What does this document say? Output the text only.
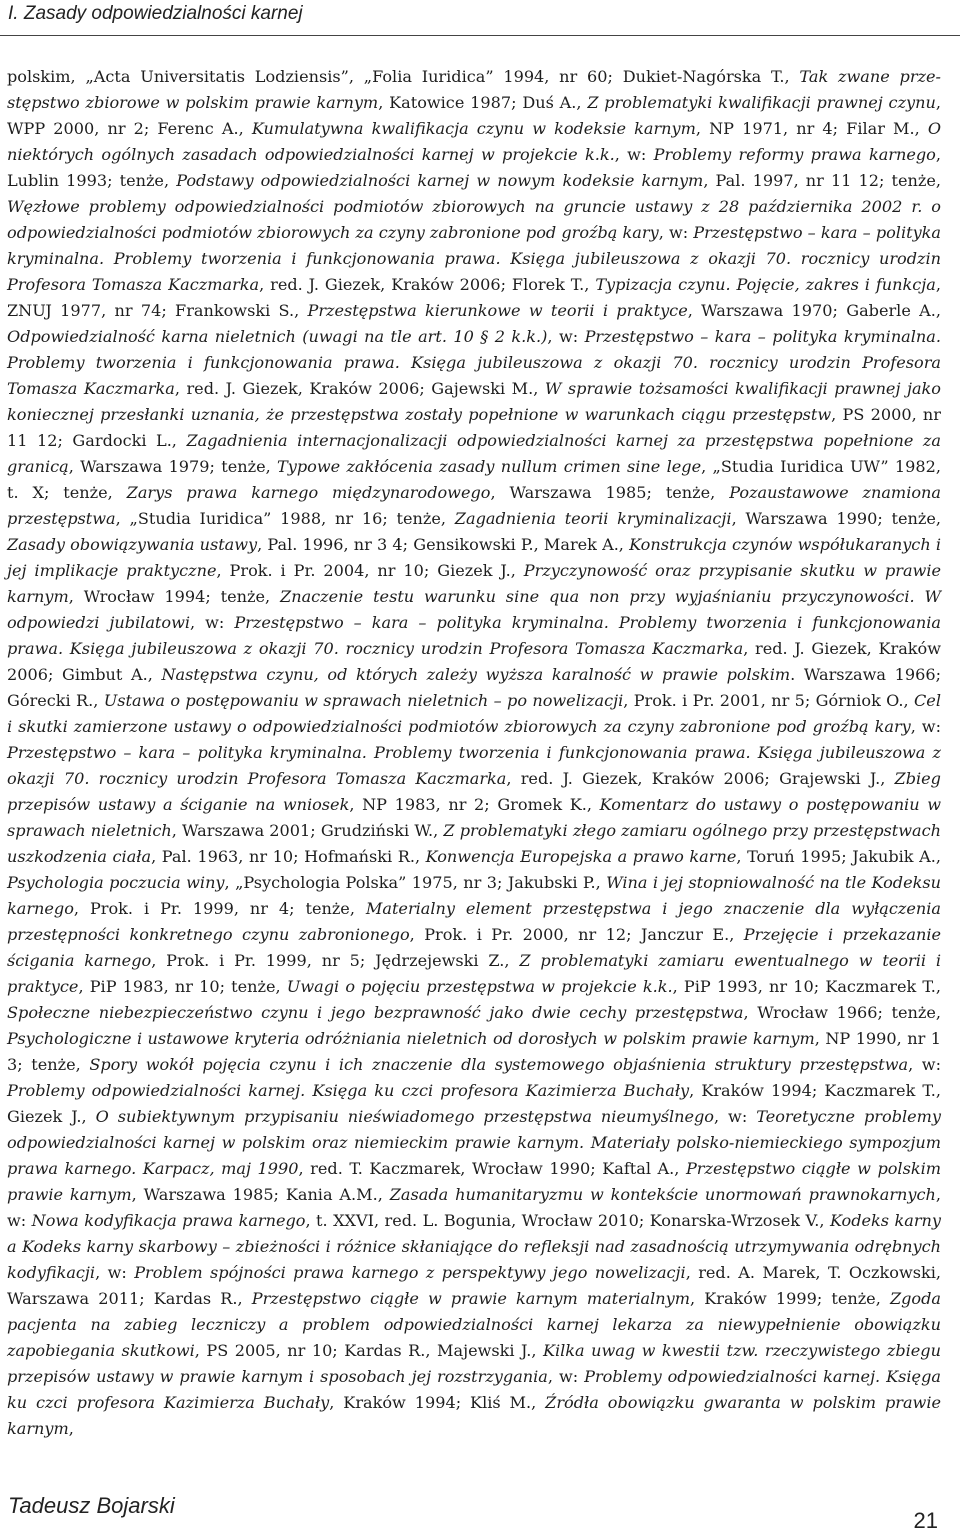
I. Zasady odpowiedzialności karnej

polskim, „Acta Universitatis Lodziensis”, „Folia Iuridica” 1994, nr 60; Dukiet-Nagórska T., Tak zwane przestępstwo zbiorowe w polskim prawie karnym, Katowice 1987; Duś A., Z problematyki kwalifikacji prawnej czynu, WPP 2000, nr 2; Ferenc A., Kumulatywna kwalifikacja czynu w kodeksie karnym, NP 1971, nr 4; Filar M., O niektórych ogólnych zasadach odpowiedzialności karnej w projekcie k.k., w: Problemy reformy prawa karnego, Lublin 1993; tenże, Podstawy odpowiedzialności karnej w nowym kodeksie karnym, Pal. 1997, nr 11 12; tenże, Węzłowe problemy odpowiedzialności podmiotów zbiorowych na gruncie ustawy z 28 października 2002 r. o odpowiedzialności podmiotów zbiorowych za czyny zabronione pod groźbą kary, w: Przestępstwo – kara – polityka kryminalna. Problemy tworzenia i funkcjonowania prawa. Księga jubileuszowa z okazji 70. rocznicy urodzin Profesora Tomasza Kaczmarka, red. J. Giezek, Kraków 2006; Florek T., Typizacja czynu. Pojęcie, zakres i funkcja, ZNUJ 1977, nr 74; Frankowski S., Przestępstwa kierunkowe w teorii i praktyce, Warszawa 1970; Gaberle A., Odpowiedzialność karna nieletnich (uwagi na tle art. 10 § 2 k.k.), w: Przestępstwo – kara – polityka kryminalna. Problemy tworzenia i funkcjonowania prawa. Księga jubileuszowa z okazji 70. rocznicy urodzin Profesora Tomasza Kaczmarka, red. J. Giezek, Kraków 2006; Gajewski M., W sprawie tożsamości kwalifikacji prawnej jako koniecznej przesłanki uznania, że przestępstwa zostały popełnione w warunkach ciągu przestępstw, PS 2000, nr 11 12; Gardocki L., Zagadnienia internacjonalizacji odpowiedzialności karnej za przestępstwa popełnione za granicą, Warszawa 1979; tenże, Typowe zakłócenia zasady nullum crimen sine lege, „Studia Iuridica UW” 1982, t. X; tenże, Zarys prawa karnego międzynarodowego, Warszawa 1985; tenże, Pozaustawowe znamiona przestępstwa, „Studia Iuridica” 1988, nr 16; tenże, Zagadnienia teorii kryminalizacji, Warszawa 1990; tenże, Zasady obowiązywania ustawy, Pal. 1996, nr 3 4; Gensikowski P., Marek A., Konstrukcja czynów współukaranych i jej implikacje praktyczne, Prok. i Pr. 2004, nr 10; Giezek J., Przyczynowość oraz przypisanie skutku w prawie karnym, Wrocław 1994; tenże, Znaczenie testu warunku sine qua non przy wyjaśnianiu przyczynowości. W odpowiedzi jubilatowi, w: Przestępstwo – kara – polityka kryminalna. Problemy tworzenia i funkcjonowania prawa. Księga jubileuszowa z okazji 70. rocznicy urodzin Profesora Tomasza Kaczmarka, red. J. Giezek, Kraków 2006; Gimbut A., Następstwa czynu, od których zależy wyższa karalność w prawie polskim. Warszawa 1966; Górecki R., Ustawa o postępowaniu w sprawach nieletnich – po nowelizacji, Prok. i Pr. 2001, nr 5; Górniok O., Cel i skutki zamierzone ustawy o odpowiedzialności podmiotów zbiorowych za czyny zabronione pod groźbą kary, w: Przestępstwo – kara – polityka kryminalna. Problemy tworzenia i funkcjonowania prawa. Księga jubileuszowa z okazji 70. rocznicy urodzin Profesora Tomasza Kaczmarka, red. J. Giezek, Kraków 2006; Grajewski J., Zbieg przepisów ustawy a ściganie na wniosek, NP 1983, nr 2; Gromek K., Komentarz do ustawy o postępowaniu w sprawach nieletnich, Warszawa 2001; Grudziński W., Z problematyki złego zamiaru ogólnego przy przestępstwach uszkodzenia ciała, Pal. 1963, nr 10; Hofmański R., Konwencja Europejska a prawo karne, Toruń 1995; Jakubik A., Psychologia poczucia winy, „Psychologia Polska” 1975, nr 3; Jakubski P., Wina i jej stopniowalność na tle Kodeksu karnego, Prok. i Pr. 1999, nr 4; tenże, Materialny element przestępstwa i jego znaczenie dla wyłączenia przestępności konkretnego czynu zabronionego, Prok. i Pr. 2000, nr 12; Janczur E., Przejęcie i przekazanie ścigania karnego, Prok. i Pr. 1999, nr 5; Jędrzejewski Z., Z problematyki zamiaru ewentualnego w teorii i praktyce, PiP 1983, nr 10; tenże, Uwagi o pojęciu przestępstwa w projekcie k.k., PiP 1993, nr 10; Kaczmarek T., Społeczne niebezpieczeństwo czynu i jego bezprawność jako dwie cechy przestępstwa, Wrocław 1966; tenże, Psychologiczne i ustawowe kryteria odróżniania nieletnich od dorosłych w polskim prawie karnym, NP 1990, nr 1 3; tenże, Spory wokół pojęcia czynu i ich znaczenie dla systemowego objaśnienia struktury przestępstwa, w: Problemy odpowiedzialności karnej. Księga ku czci profesora Kazimierza Buchały, Kraków 1994; Kaczmarek T., Giezek J., O subiektywnym przypisaniu nieświadomego przestępstwa nieumyślnego, w: Teoretyczne problemy odpowiedzialności karnej w polskim oraz niemieckim prawie karnym. Materiały polsko-niemieckiego sympozjum prawa karnego. Karpacz, maj 1990, red. T. Kaczmarek, Wrocław 1990; Kaftal A., Przestępstwo ciągłe w polskim prawie karnym, Warszawa 1985; Kania A.M., Zasada humanitaryzmu w kontekście unormowań prawnokarnych, w: Nowa kodyfikacja prawa karnego, t. XXVI, red. L. Bogunia, Wrocław 2010; Konarska-Wrzosek V., Kodeks karny a Kodeks karny skarbowy – zbieżności i różnice skłaniające do refleksji nad zasadnością utrzymywania odrębnych kodyfikacji, w: Problem spójności prawa karnego z perspektywy jego nowelizacji, red. A. Marek, T. Oczkowski, Warszawa 2011; Kardas R., Przestępstwo ciągłe w prawie karnym materialnym, Kraków 1999; tenże, Zgoda pacjenta na zabieg leczniczy a problem odpowiedzialności karnej lekarza za niewypełnienie obowiązku zapobiegania skutkowi, PS 2005, nr 10; Kardas R., Majewski J., Kilka uwag w kwestii tzw. rzeczywistego zbiegu przepisów ustawy w prawie karnym i sposobach jej rozstrzygania, w: Problemy odpowiedzialności karnej. Księga ku czci profesora Kazimierza Buchały, Kraków 1994; Kliś M., Źródła obowiązku gwaranta w polskim prawie karnym,

Tadeusz Bojarski
21
